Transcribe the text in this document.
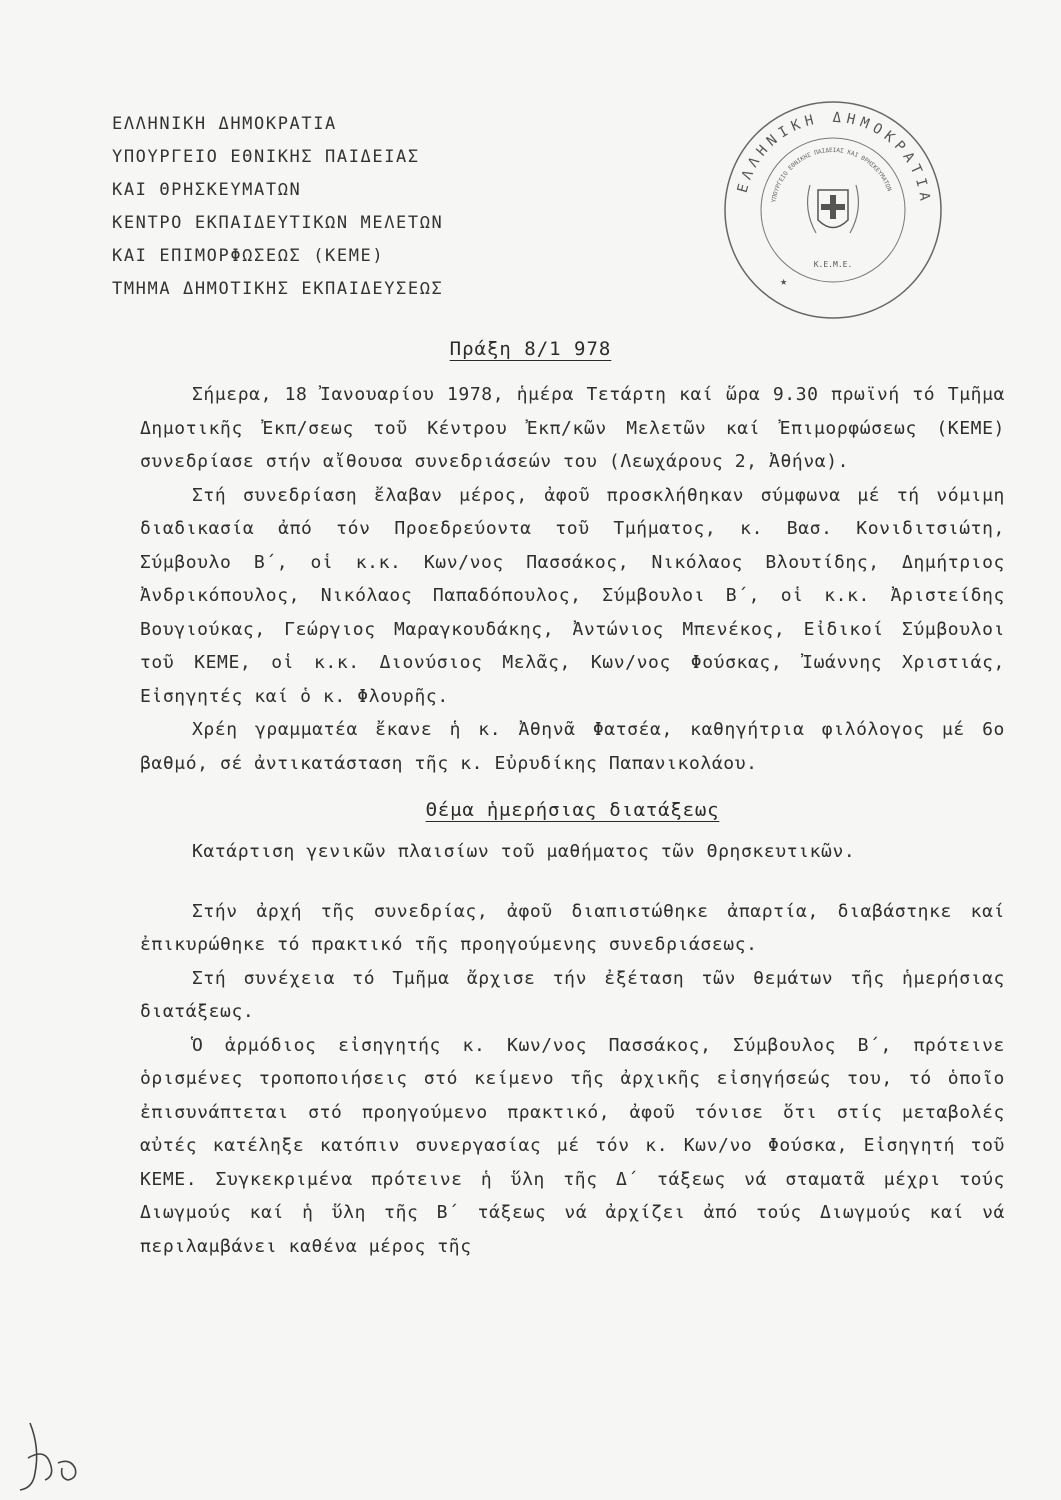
ΕΛΛΗΝΙΚΗ ΔΗΜΟΚΡΑΤΙΑ
ΥΠΟΥΡΓΕΙΟ ΕΘΝΙΚΗΣ ΠΑΙΔΕΙΑΣ
ΚΑΙ ΘΡΗΣΚΕΥΜΑΤΩΝ
ΚΕΝΤΡΟ ΕΚΠΑΙΔΕΥΤΙΚΩΝ ΜΕΛΕΤΩΝ
ΚΑΙ ΕΠΙΜΟΡΦΩΣΕΩΣ (ΚΕΜΕ)
ΤΜΗΜΑ ΔΗΜΟΤΙΚΗΣ ΕΚΠΑΙΔΕΥΣΕΩΣ
ΕΛΛΗΝΙΚΗ ΔΗΜΟΚΡΑΤΙΑ
ΥΠΟΥΡΓΕΙΟ ΕΘΝΙΚΗΣ ΠΑΙΔΕΙΑΣ ΚΑΙ ΘΡΗΣΚΕΥΜΑΤΩΝ
Κ.Ε.Μ.Ε.
★
Πράξη 8/1 978

Σήμερα, 18 Ἰανουαρίου 1978, ἡμέρα Τετάρτη καί ὥρα 9.30 πρωϊνή τό Τμῆμα Δημοτικῆς Ἐκπ/σεως τοῦ Κέντρου Ἐκπ/κῶν Μελετῶν καί Ἐπιμορφώσεως (ΚΕΜΕ) συνεδρίασε στήν αἴθουσα συνεδριάσεών του (Λεωχάρους 2, Ἀθήνα).

Στή συνεδρίαση ἔλαβαν μέρος, ἀφοῦ προσκλήθηκαν σύμφωνα μέ τή νόμιμη διαδικασία ἀπό τόν Προεδρεύοντα τοῦ Τμήματος, κ. Βασ. Κονιδιτσιώτη, Σύμβουλο Β΄, οἱ κ.κ. Κων/νος Πασσάκος, Νικόλαος Βλουτίδης, Δημήτριος Ἀνδρικόπουλος, Νικόλαος Παπαδόπουλος, Σύμβουλοι Β΄, οἱ κ.κ. Ἀριστείδης Βουγιούκας, Γεώργιος Μαραγκουδάκης, Ἀντώνιος Μπενέκος, Εἰδικοί Σύμβουλοι τοῦ ΚΕΜΕ, οἱ κ.κ. Διονύσιος Μελᾶς, Κων/νος Φούσκας, Ἰωάννης Χριστιάς, Εἰσηγητές καί ὁ κ. Φλουρῆς.

Χρέη γραμματέα ἔκανε ἡ κ. Ἀθηνᾶ Φατσέα, καθηγήτρια φιλόλογος μέ 6ο βαθμό, σέ ἀντικατάσταση τῆς κ. Εὐρυδίκης Παπανικολάου.

Θέμα ἡμερήσιας διατάξεως

Κατάρτιση γενικῶν πλαισίων τοῦ μαθήματος τῶν Θρησκευτικῶν.

Στήν ἀρχή τῆς συνεδρίας, ἀφοῦ διαπιστώθηκε ἀπαρτία, διαβάστηκε καί ἐπικυρώθηκε τό πρακτικό τῆς προηγούμενης συνεδριάσεως.

Στή συνέχεια τό Τμῆμα ἄρχισε τήν ἐξέταση τῶν θεμάτων τῆς ἡμερήσιας διατάξεως.

Ὁ ἁρμόδιος εἰσηγητής κ. Κων/νος Πασσάκος, Σύμβουλος Β΄, πρότεινε ὁρισμένες τροποποιήσεις στό κείμενο τῆς ἀρχικῆς εἰσηγήσεώς του, τό ὁποῖο ἐπισυνάπτεται στό προηγούμενο πρακτικό, ἀφοῦ τόνισε ὅτι στίς μεταβολές αὐτές κατέληξε κατόπιν συνεργασίας μέ τόν κ. Κων/νο Φούσκα, Εἰσηγητή τοῦ ΚΕΜΕ. Συγκεκριμένα πρότεινε ἡ ὕλη τῆς Δ΄ τάξεως νά σταματᾶ μέχρι τούς Διωγμούς καί ἡ ὕλη τῆς Β΄ τάξεως νά ἀρχίζει ἀπό τούς Διωγμούς καί νά περιλαμβάνει καθένα μέρος τῆς
